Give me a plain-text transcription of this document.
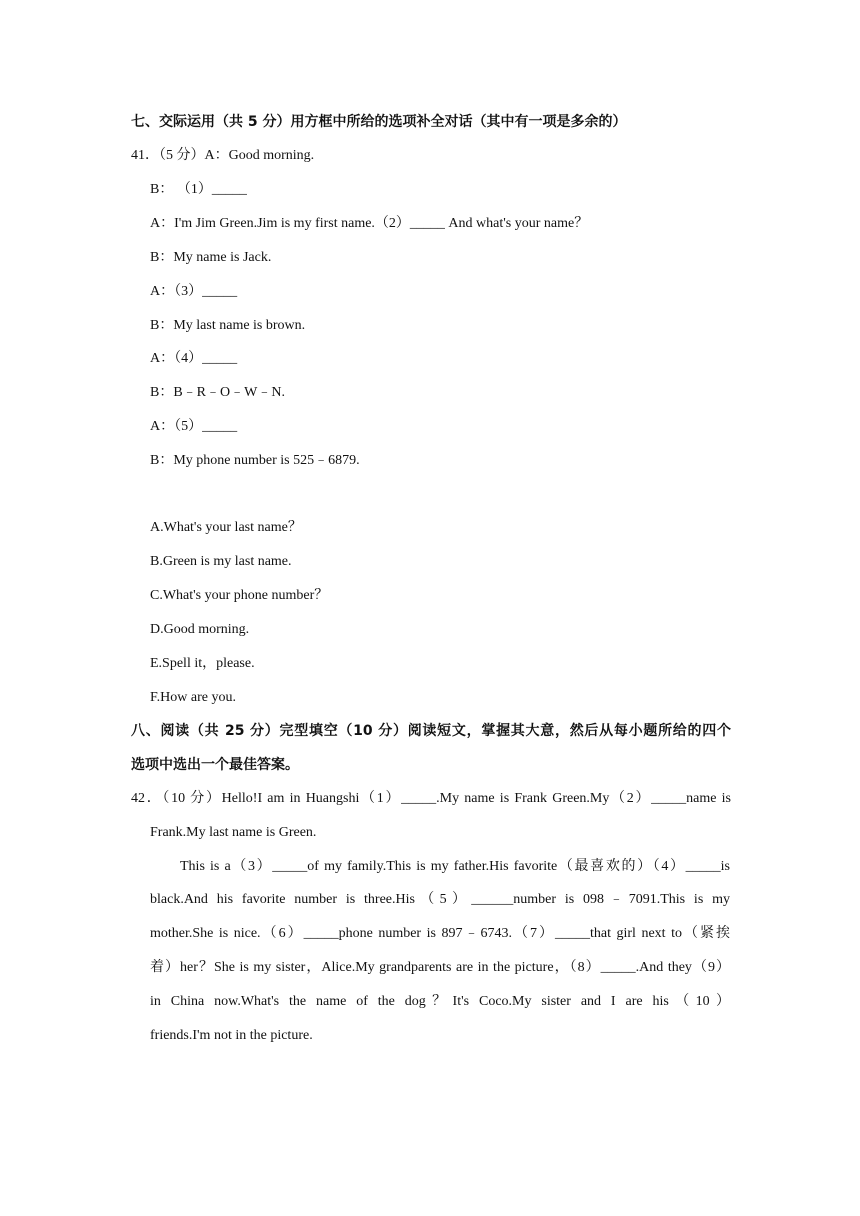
七、交际运用（共 5 分）用方框中所给的选项补全对话（其中有一项是多余的）
41．（5 分）A：Good morning.
B： （1）_____
A：I'm Jim Green.Jim is my first name.（2）_____ And what's your name？
B：My name is Jack.
A：（3）_____
B：My last name is brown.
A：（4）_____
B：B﹣R﹣O﹣W﹣N.
A：（5）_____
B：My phone number is 525﹣6879.
A.What's your last name？
B.Green is my last name.
C.What's your phone number？
D.Good morning.
E.Spell it，please.
F.How are you.
八、阅读（共 25 分）完型填空（10 分）阅读短文，掌握其大意，然后从每小题所给的四个
选项中选出一个最佳答案。
42．（10 分）Hello!I am in Huangshi（1）_____.My name is Frank Green.My（2）_____name is
Frank.My last name is Green.
This is a（3）_____of my family.This is my father.His favorite（最喜欢的）（4）_____is
black.And his favorite number is three.His（5）______number is 098﹣7091.This is my
mother.She is nice.（6）_____phone number is 897﹣6743.（7）_____that girl next to（紧挨
着）her？She is my sister，Alice.My grandparents are in the picture，（8）_____.And they（9）
in China now.What's the name of the dog？It's Coco.My sister and I are his（10）
friends.I'm not in the picture.
